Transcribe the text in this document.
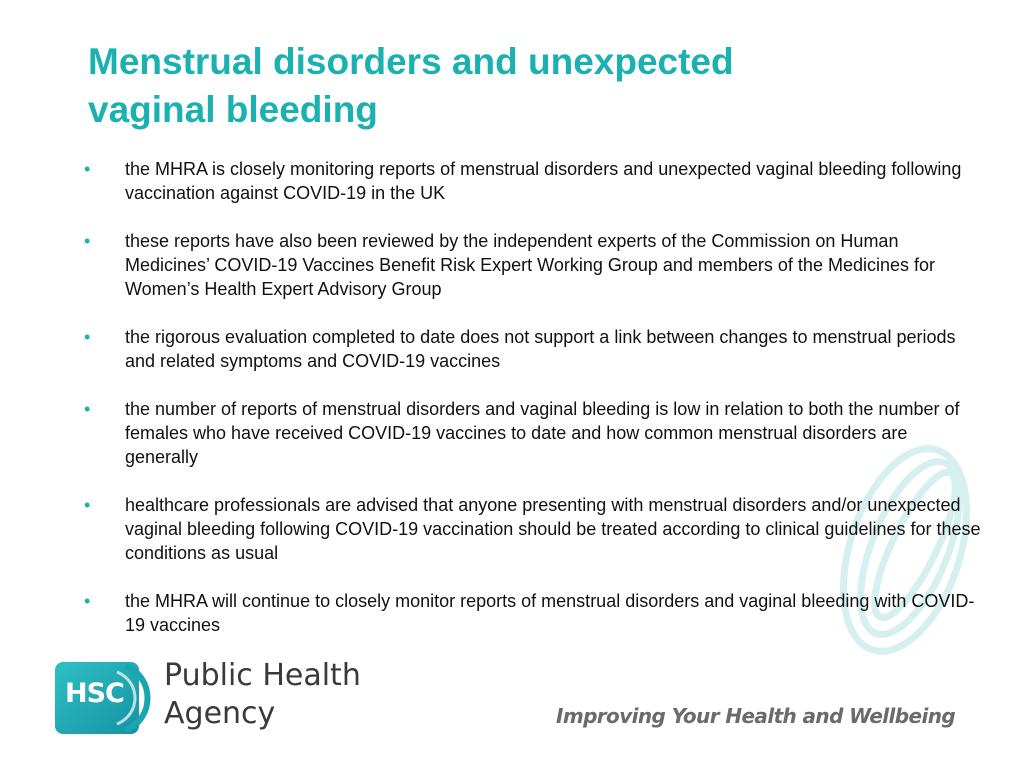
Menstrual disorders and unexpected
vaginal bleeding
• the MHRA is closely monitoring reports of menstrual disorders and unexpected vaginal bleeding following vaccination against COVID-19 in the UK
• these reports have also been reviewed by the independent experts of the Commission on Human Medicines’ COVID-19 Vaccines Benefit Risk Expert Working Group and members of the Medicines for Women’s Health Expert Advisory Group
• the rigorous evaluation completed to date does not support a link between changes to menstrual periods and related symptoms and COVID-19 vaccines
• the number of reports of menstrual disorders and vaginal bleeding is low in relation to both the number of females who have received COVID-19 vaccines to date and how common menstrual disorders are generally
• healthcare professionals are advised that anyone presenting with menstrual disorders and/or unexpected vaginal bleeding following COVID-19 vaccination should be treated according to clinical guidelines for these conditions as usual
• the MHRA will continue to closely monitor reports of menstrual disorders and vaginal bleeding with COVID-19 vaccines
HSC
Public Health
Agency	Improving Your Health and Wellbeing
